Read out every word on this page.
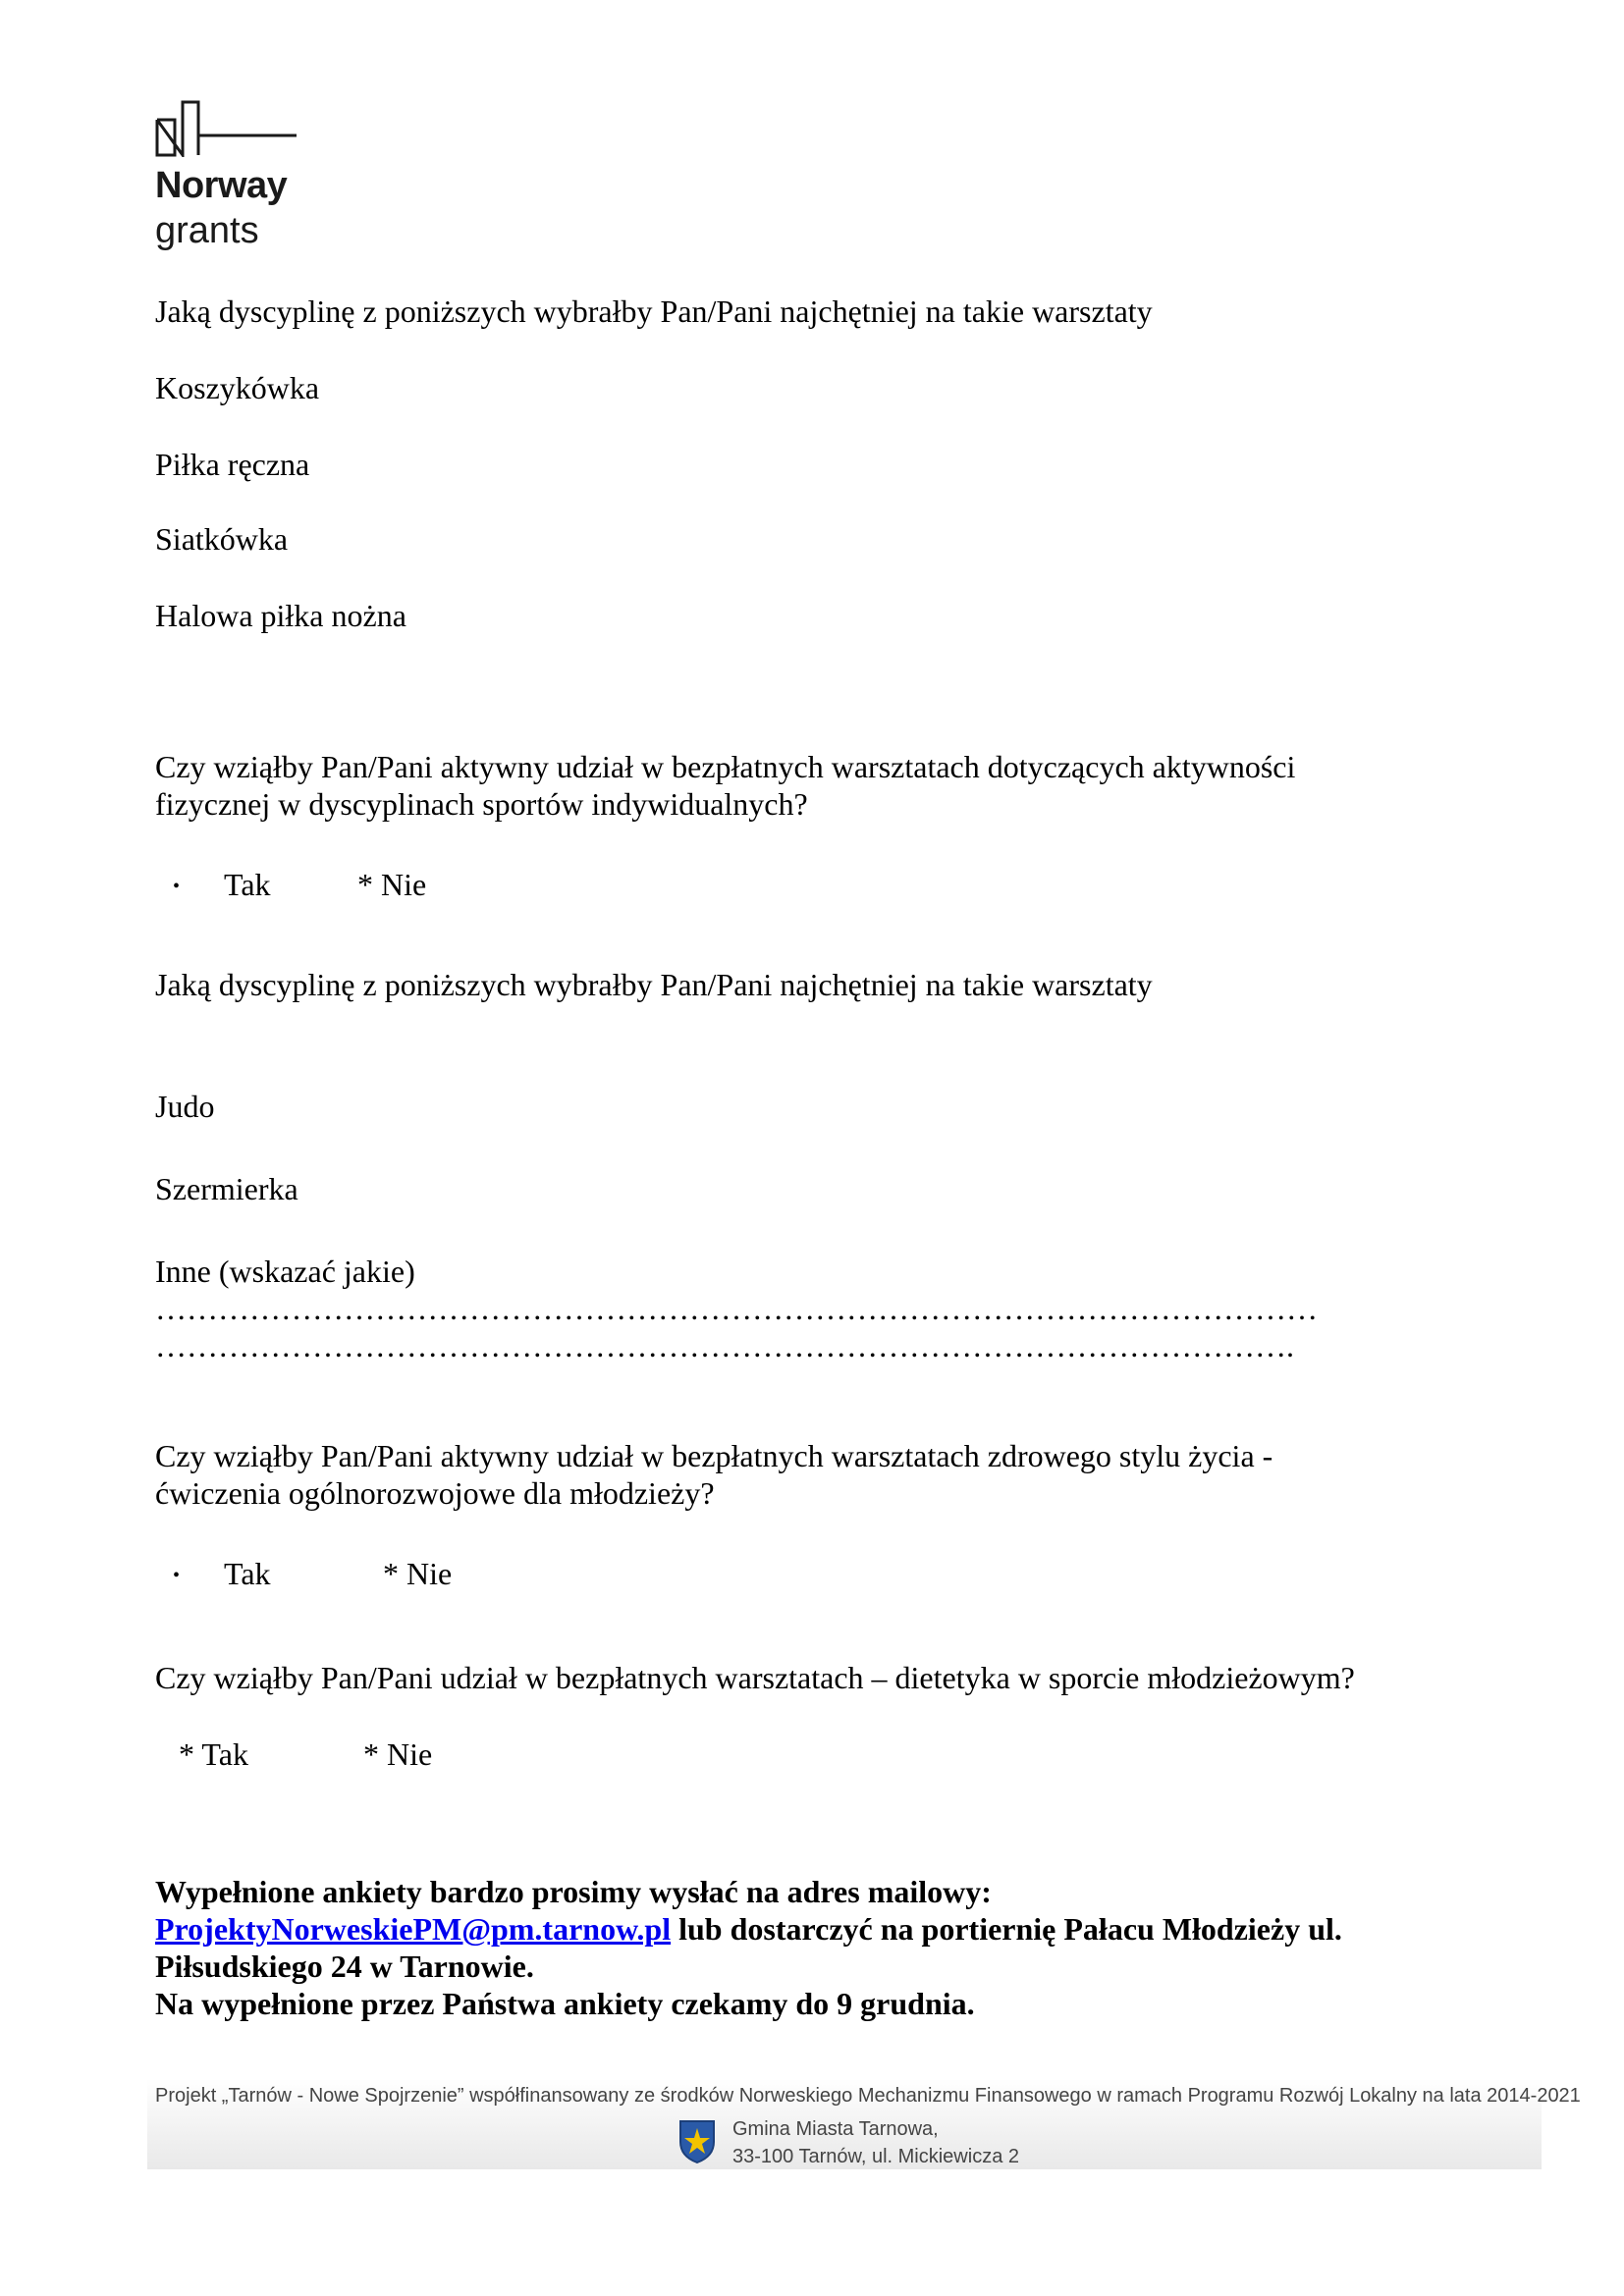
Norway
grants
Jaką dyscyplinę z poniższych wybrałby Pan/Pani najchętniej na takie warsztaty
Koszykówka
Piłka ręczna
Siatkówka
Halowa piłka nożna
Czy wziąłby Pan/Pani aktywny udział w bezpłatnych warsztatach dotyczących aktywności
fizycznej w dyscyplinach sportów indywidualnych?
• Tak	* Nie
Jaką dyscyplinę z poniższych wybrałby Pan/Pani najchętniej na takie warsztaty
Judo
Szermierka
Inne (wskazać jakie)
…………………………………………………………………………………………………
……………………………………………………………………………………………….
Czy wziąłby Pan/Pani aktywny udział w bezpłatnych warsztatach zdrowego stylu życia -
ćwiczenia ogólnorozwojowe dla młodzieży?
• Tak	* Nie
Czy wziąłby Pan/Pani udział w bezpłatnych warsztatach – dietetyka w sporcie młodzieżowym?
* Tak	* Nie
Wypełnione ankiety bardzo prosimy wysłać na adres mailowy:
ProjektyNorweskiePM@pm.tarnow.pl lub dostarczyć na portiernię Pałacu Młodzieży ul.
Piłsudskiego 24 w Tarnowie.
Na wypełnione przez Państwa ankiety czekamy do 9 grudnia.
Projekt „Tarnów - Nowe Spojrzenie” współfinansowany ze środków Norweskiego Mechanizmu Finansowego w ramach Programu Rozwój Lokalny na lata 2014-2021
Gmina Miasta Tarnowa,
33-100 Tarnów, ul. Mickiewicza 2
